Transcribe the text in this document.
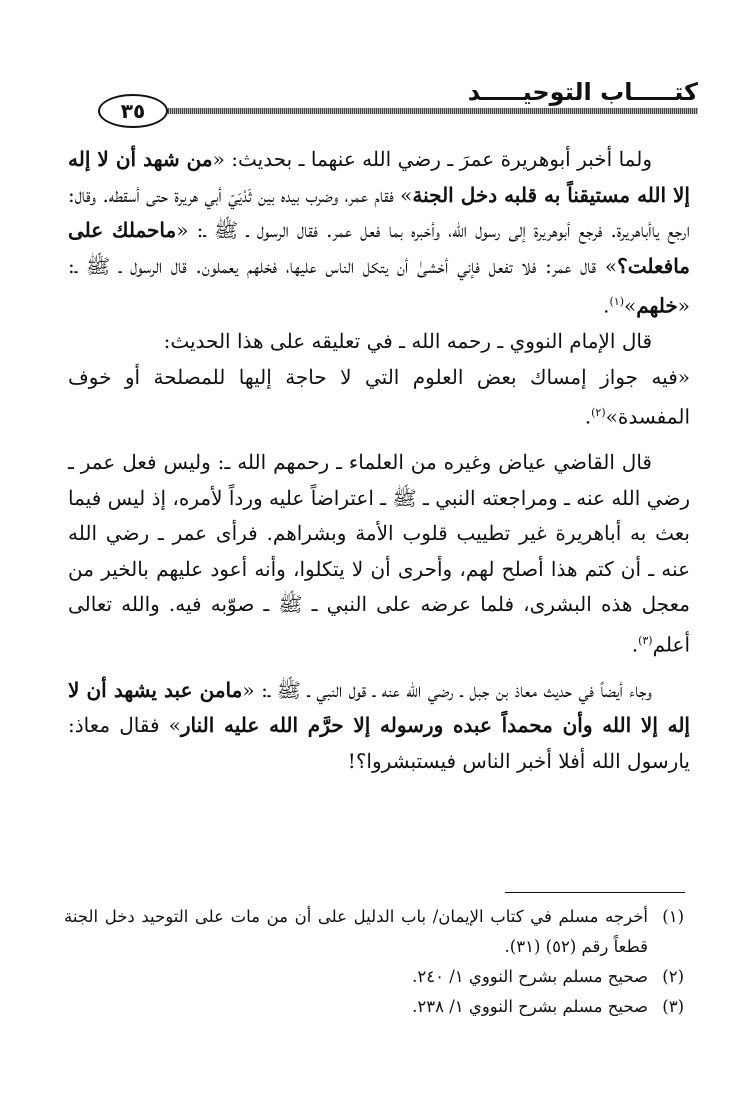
كتـــــاب التوحيـــــد
٣٥

ولما أخبر أبوهريرة عمرَ ـ رضي الله عنهما ـ بحديث: «من شهد أن لا إله إلا الله مستيقناً به قلبه دخل الجنة» فقام عمر، وضرب بيده بين ثَدْيَيّ أبي هريرة حتى أسقطه. وقال: ارجع ياأباهريرة. فرجع أبوهريرة إلى رسول الله، وأخبره بما فعل عمر. فقال الرسول ـ ﷺ ـ: «ماحملك على مافعلت؟» قال عمر: فلا تفعل فإني أخشىٰ أن يتكل الناس عليها، فخلهم يعملون. قال الرسول ـ ﷺ ـ: «خلهم»$^{(١)}$.

قال الإمام النووي ـ رحمه الله ـ في تعليقه على هذا الحديث:

«فيه جواز إمساك بعض العلوم التي لا حاجة إليها للمصلحة أو خوف المفسدة»$^{(٢)}$.

قال القاضي عياض وغيره من العلماء ـ رحمهم الله ـ: وليس فعل عمر ـ رضي الله عنه ـ ومراجعته النبي ـ ﷺ ـ اعتراضاً عليه ورداً لأمره، إذ ليس فيما بعث به أباهريرة غير تطييب قلوب الأمة وبشراهم. فرأى عمر ـ رضي الله عنه ـ أن كتم هذا أصلح لهم، وأحرى أن لا يتكلوا، وأنه أعود عليهم بالخير من معجل هذه البشرى، فلما عرضه على النبي ـ ﷺ ـ صوّبه فيه. والله تعالى أعلم$^{(٣)}$.

وجاء أيضاً في حديث معاذ بن جبل ـ رضي الله عنه ـ قول النبي ـ ﷺ ـ: «مامن عبد يشهد أن لا إله إلا الله وأن محمداً عبده ورسوله إلا حرَّم الله عليه النار» فقال معاذ: يارسول الله أفلا أخبر الناس فيستبشروا؟!

(١)
أخرجه مسلم في كتاب الإيمان/ باب الدليل على أن من مات على التوحيد دخل الجنة قطعاً رقم (٥٢) (٣١).
(٢)
صحيح مسلم بشرح النووي ١/ ٢٤٠.
(٣)
صحيح مسلم بشرح النووي ١/ ٢٣٨.
